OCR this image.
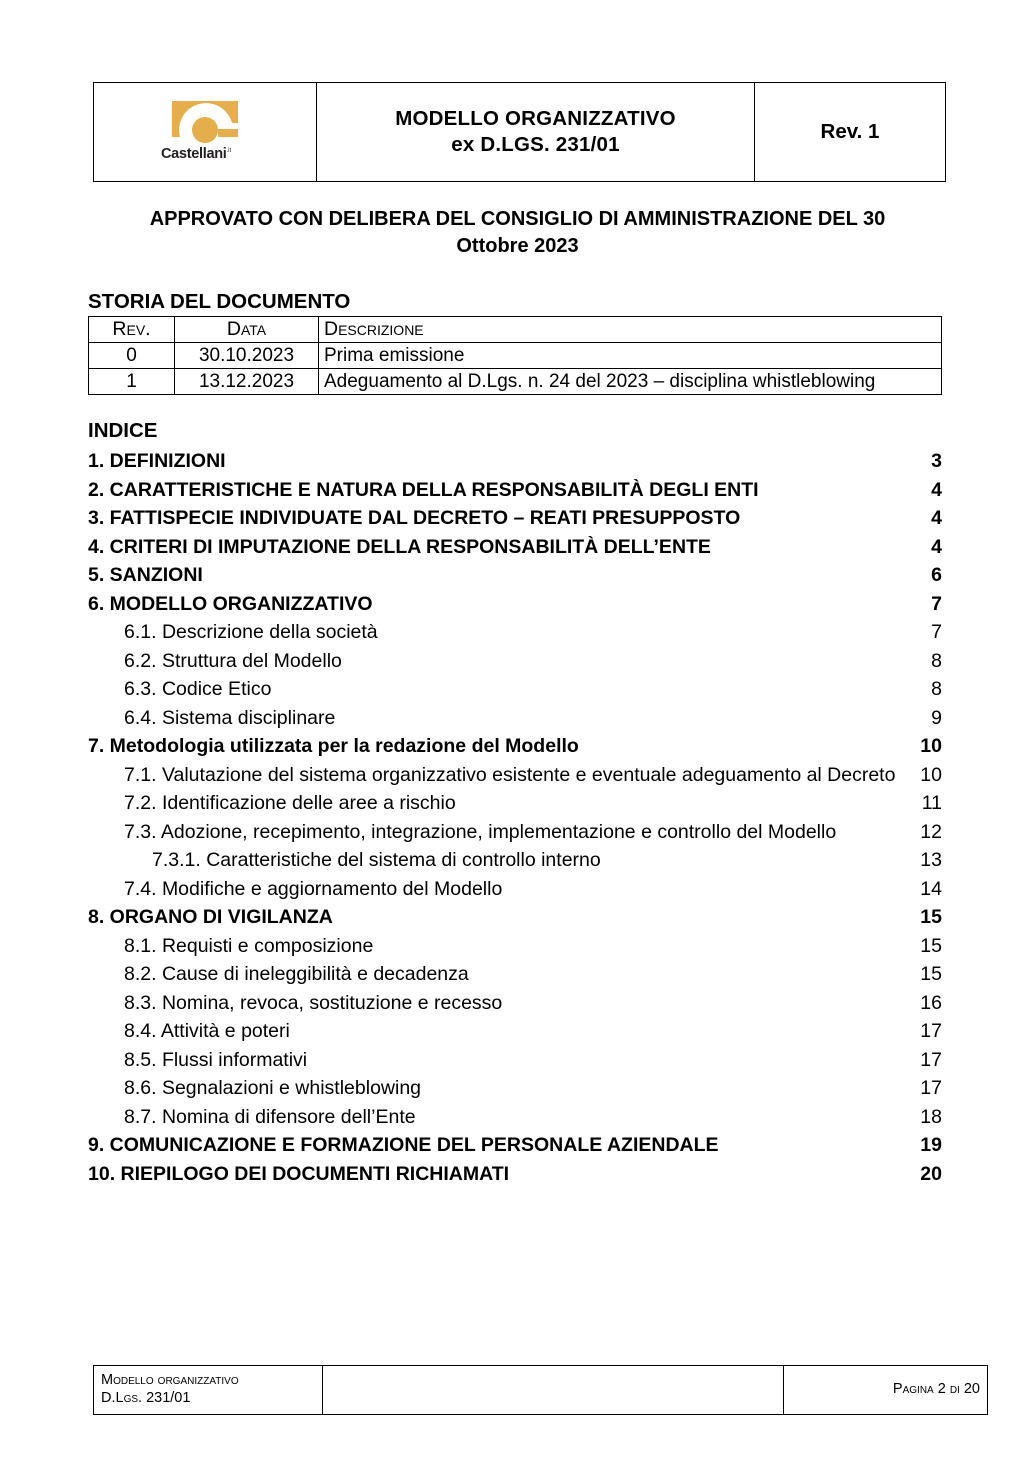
Castellani$^{.it}$

MODELLO ORGANIZZATIVO
ex D.LGS. 231/01

Rev. 1
APPROVATO CON DELIBERA DEL CONSIGLIO DI AMMINISTRAZIONE DEL 30
Ottobre 2023
STORIA DEL DOCUMENTO
Rev.	Data	Descrizione
0	30.10.2023	Prima emissione
1	13.12.2023	Adeguamento al D.Lgs. n. 24 del 2023 – disciplina whistleblowing
INDICE
1. DEFINIZIONI	3
2. CARATTERISTICHE E NATURA DELLA RESPONSABILITÀ DEGLI ENTI	4
3. FATTISPECIE INDIVIDUATE DAL DECRETO – REATI PRESUPPOSTO	4
4. CRITERI DI IMPUTAZIONE DELLA RESPONSABILITÀ DELL’ENTE	4
5. SANZIONI	6
6. MODELLO ORGANIZZATIVO	7
6.1. Descrizione della società	7
6.2. Struttura del Modello	8
6.3. Codice Etico	8
6.4. Sistema disciplinare	9
7. Metodologia utilizzata per la redazione del Modello	10
7.1. Valutazione del sistema organizzativo esistente e eventuale adeguamento al Decreto 10
7.2. Identificazione delle aree a rischio	11
7.3. Adozione, recepimento, integrazione, implementazione e controllo del Modello	12
7.3.1. Caratteristiche del sistema di controllo interno	13
7.4. Modifiche e aggiornamento del Modello	14
8. ORGANO DI VIGILANZA	15
8.1. Requisti e composizione	15
8.2. Cause di ineleggibilità e decadenza	15
8.3. Nomina, revoca, sostituzione e recesso	16
8.4. Attività e poteri	17
8.5. Flussi informativi	17
8.6. Segnalazioni e whistleblowing	17
8.7. Nomina di difensore dell’Ente	18
9. COMUNICAZIONE E FORMAZIONE DEL PERSONALE AZIENDALE	19
10. RIEPILOGO DEI DOCUMENTI RICHIAMATI	20
Modello organizzativo
D.Lgs. 231/01
		Pagina 2 di 20
